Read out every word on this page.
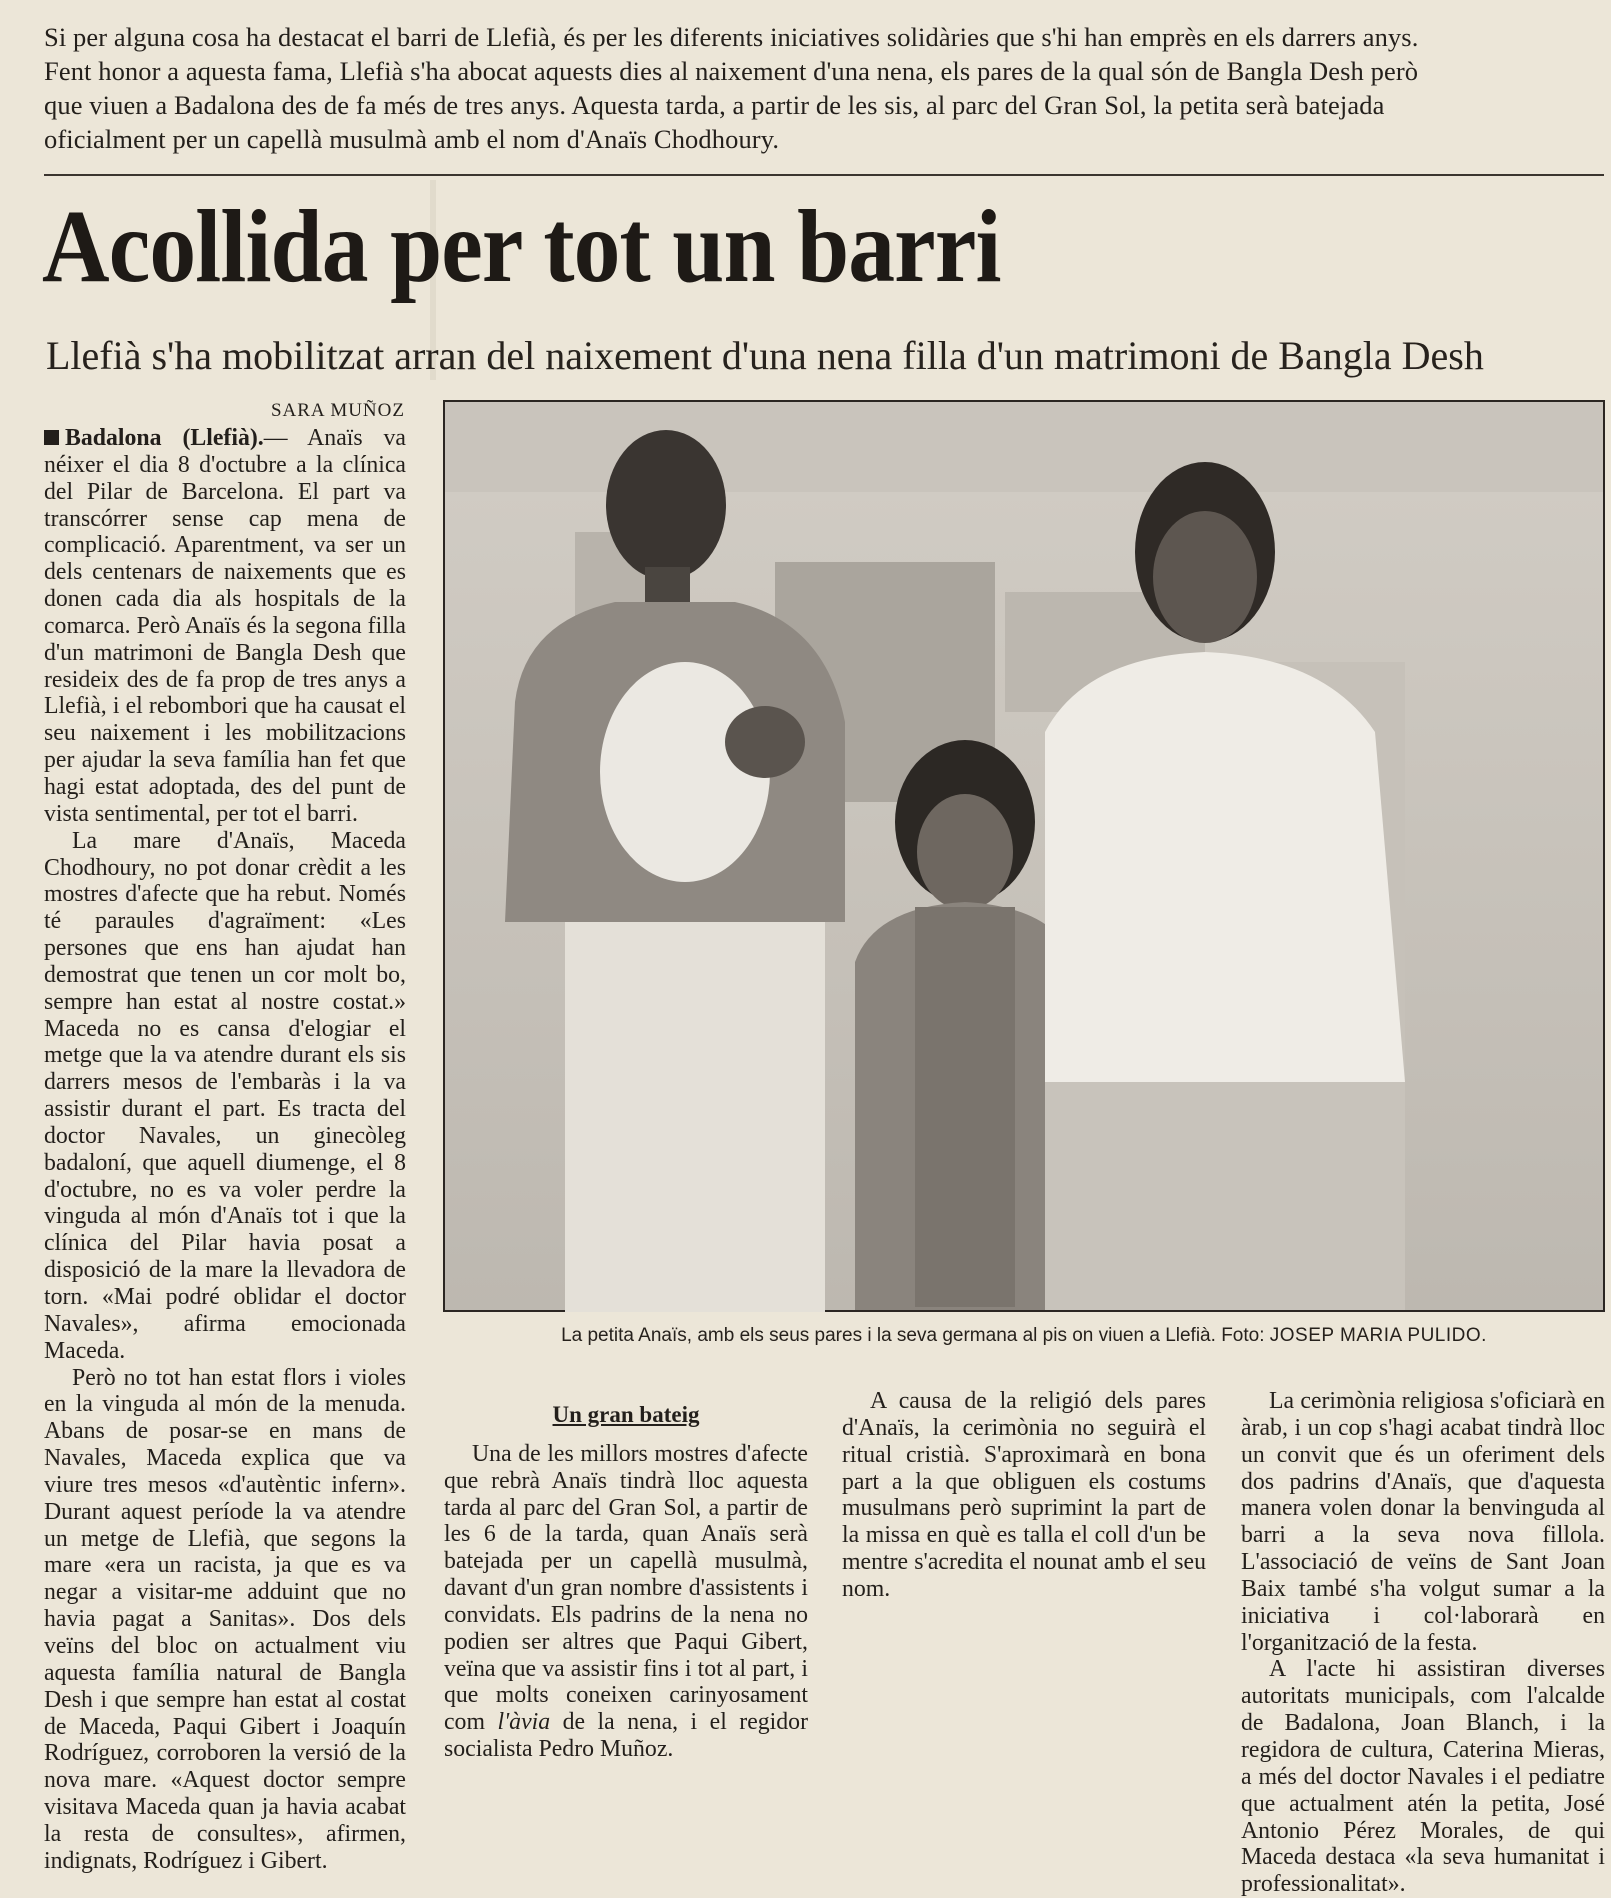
Si per alguna cosa ha destacat el barri de Llefià, és per les diferents iniciatives solidàries que s'hi han emprès en els darrers anys. Fent honor a aquesta fama, Llefià s'ha abocat aquests dies al naixement d'una nena, els pares de la qual són de Bangla Desh però que viuen a Badalona des de fa més de tres anys. Aquesta tarda, a partir de les sis, al parc del Gran Sol, la petita serà batejada oficialment per un capellà musulmà amb el nom d'Anaïs Chodhoury.

Acollida per tot un barri
Llefià s'ha mobilitzat arran del naixement d'una nena filla d'un matrimoni de Bangla Desh
SARA MUÑOZ
La petita Anaïs, amb els seus pares i la seva germana al pis on viuen a Llefià. Foto: JOSEP MARIA PULIDO.

Badalona (Llefià).— Anaïs va néixer el dia 8 d'octubre a la clínica del Pilar de Barcelona. El part va transcórrer sense cap mena de complicació. Aparentment, va ser un dels centenars de naixements que es donen cada dia als hospitals de la comarca. Però Anaïs és la segona filla d'un matrimoni de Bangla Desh que resideix des de fa prop de tres anys a Llefià, i el rebombori que ha causat el seu naixement i les mobilitzacions per ajudar la seva família han fet que hagi estat adoptada, des del punt de vista sentimental, per tot el barri.

La mare d'Anaïs, Maceda Chodhoury, no pot donar crèdit a les mostres d'afecte que ha rebut. Només té paraules d'agraïment: «Les persones que ens han ajudat han demostrat que tenen un cor molt bo, sempre han estat al nostre costat.» Maceda no es cansa d'elogiar el metge que la va atendre durant els sis darrers mesos de l'embaràs i la va assistir durant el part. Es tracta del doctor Navales, un ginecòleg badaloní, que aquell diumenge, el 8 d'octubre, no es va voler perdre la vinguda al món d'Anaïs tot i que la clínica del Pilar havia posat a disposició de la mare la llevadora de torn. «Mai podré oblidar el doctor Navales», afirma emocionada Maceda.

Però no tot han estat flors i violes en la vinguda al món de la menuda. Abans de posar-se en mans de Navales, Maceda explica que va viure tres mesos «d'autèntic infern». Durant aquest període la va atendre un metge de Llefià, que segons la mare «era un racista, ja que es va negar a visitar-me adduint que no havia pagat a Sanitas». Dos dels veïns del bloc on actualment viu aquesta família natural de Bangla Desh i que sempre han estat al costat de Maceda, Paqui Gibert i Joaquín Rodríguez, corroboren la versió de la nova mare. «Aquest doctor sempre visitava Maceda quan ja havia acabat la resta de consultes», afirmen, indignats, Rodríguez i Gibert.

Un gran bateig

Una de les millors mostres d'afecte que rebrà Anaïs tindrà lloc aquesta tarda al parc del Gran Sol, a partir de les 6 de la tarda, quan Anaïs serà batejada per un capellà musulmà, davant d'un gran nombre d'assistents i convidats. Els padrins de la nena no podien ser altres que Paqui Gibert, veïna que va assistir fins i tot al part, i que molts coneixen carinyosament com l'àvia de la nena, i el regidor socialista Pedro Muñoz.

A causa de la religió dels pares d'Anaïs, la cerimònia no seguirà el ritual cristià. S'aproximarà en bona part a la que obliguen els costums musulmans però suprimint la part de la missa en què es talla el coll d'un be mentre s'acredita el nounat amb el seu nom.

La cerimònia religiosa s'oficiarà en àrab, i un cop s'hagi acabat tindrà lloc un convit que és un oferiment dels dos padrins d'Anaïs, que d'aquesta manera volen donar la benvinguda al barri a la seva nova fillola. L'associació de veïns de Sant Joan Baix també s'ha volgut sumar a la iniciativa i col·laborarà en l'organització de la festa.

A l'acte hi assistiran diverses autoritats municipals, com l'alcalde de Badalona, Joan Blanch, i la regidora de cultura, Caterina Mieras, a més del doctor Navales i el pediatre que actualment atén la petita, José Antonio Pérez Morales, de qui Maceda destaca «la seva humanitat i professionalitat».
